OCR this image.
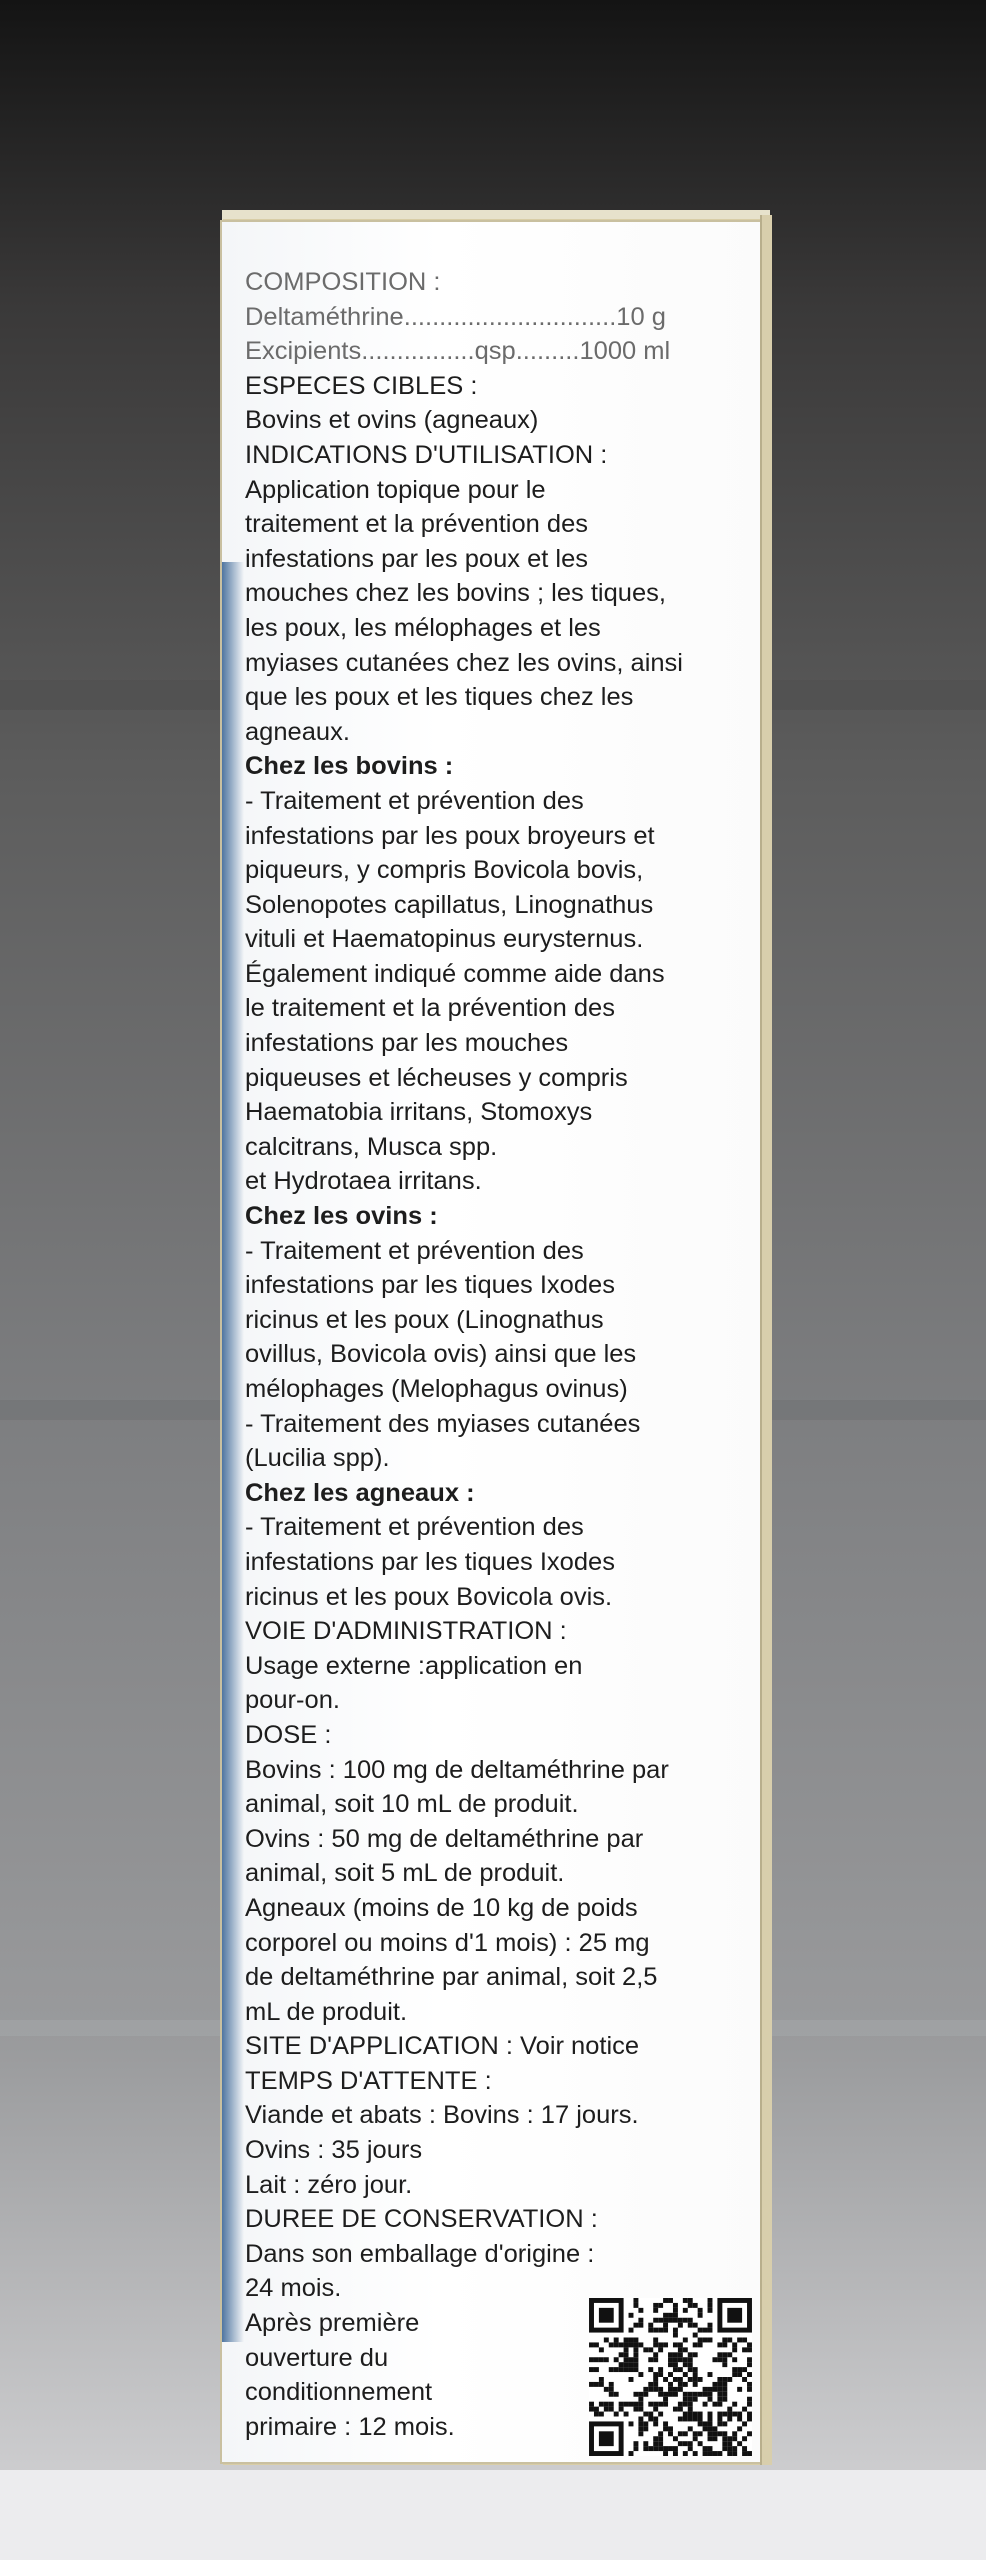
COMPOSITION :
Deltaméthrine..............................10 g
Excipients................qsp.........1000 ml
ESPECES CIBLES :
Bovins et ovins (agneaux)
INDICATIONS D'UTILISATION :
Application topique pour le
traitement et la prévention des
infestations par les poux et les
mouches chez les bovins ; les tiques,
les poux, les mélophages et les
myiases cutanées chez les ovins, ainsi
que les poux et les tiques chez les
agneaux.
Chez les bovins :
- Traitement et prévention des
infestations par les poux broyeurs et
piqueurs, y compris Bovicola bovis,
Solenopotes capillatus, Linognathus
vituli et Haematopinus eurysternus.
Également indiqué comme aide dans
le traitement et la prévention des
infestations par les mouches
piqueuses et lécheuses y compris
Haematobia irritans, Stomoxys
calcitrans, Musca spp.
et Hydrotaea irritans.
Chez les ovins :
- Traitement et prévention des
infestations par les tiques Ixodes
ricinus et les poux (Linognathus
ovillus, Bovicola ovis) ainsi que les
mélophages (Melophagus ovinus)
- Traitement des myiases cutanées
(Lucilia spp).
Chez les agneaux :
- Traitement et prévention des
infestations par les tiques Ixodes
ricinus et les poux Bovicola ovis.
VOIE D'ADMINISTRATION :
Usage externe :application en
pour-on.
DOSE :
Bovins : 100 mg de deltaméthrine par
animal, soit 10 mL de produit.
Ovins : 50 mg de deltaméthrine par
animal, soit 5 mL de produit.
Agneaux (moins de 10 kg de poids
corporel ou moins d'1 mois) : 25 mg
de deltaméthrine par animal, soit 2,5
mL de produit.
SITE D'APPLICATION : Voir notice
TEMPS D'ATTENTE :
Viande et abats : Bovins : 17 jours.
Ovins : 35 jours
Lait : zéro jour.
DUREE DE CONSERVATION :
Dans son emballage d'origine :
24 mois.
Après première
ouverture du
conditionnement
primaire : 12 mois.
